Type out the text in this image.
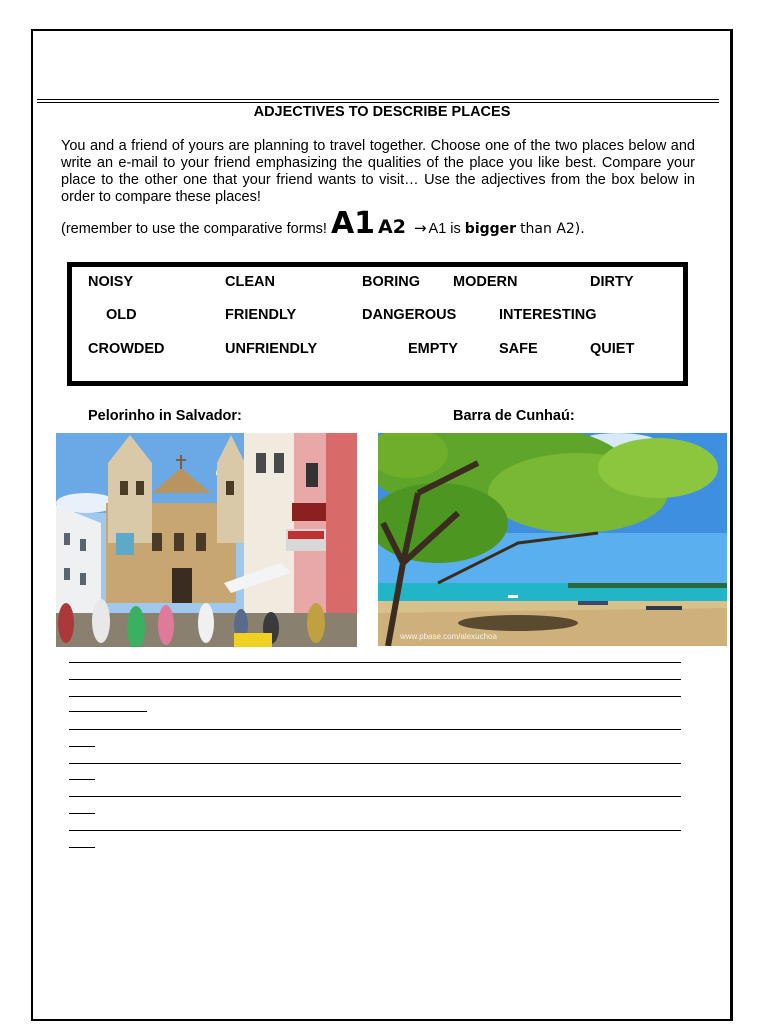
ADJECTIVES TO DESCRIBE PLACES

You and a friend of yours are planning to travel together. Choose one of the two places below and write an e-mail to your friend emphasizing the qualities of the place you like best. Compare your place to the other one that your friend wants to visit… Use the adjectives from the box below in order to compare these places!

(remember to use the comparative forms! A1 A2 → A1 is bigger than A2).
NOISY	CLEAN	BORING MODERN	DIRTY
OLD	FRIENDLY	DANGEROUS	INTERESTING
CROWDED	UNFRIENDLY	EMPTY	SAFE	QUIET
Pelorinho in Salvador:	Barra de Cunhaú:
www.pbase.com/alexuchoa
